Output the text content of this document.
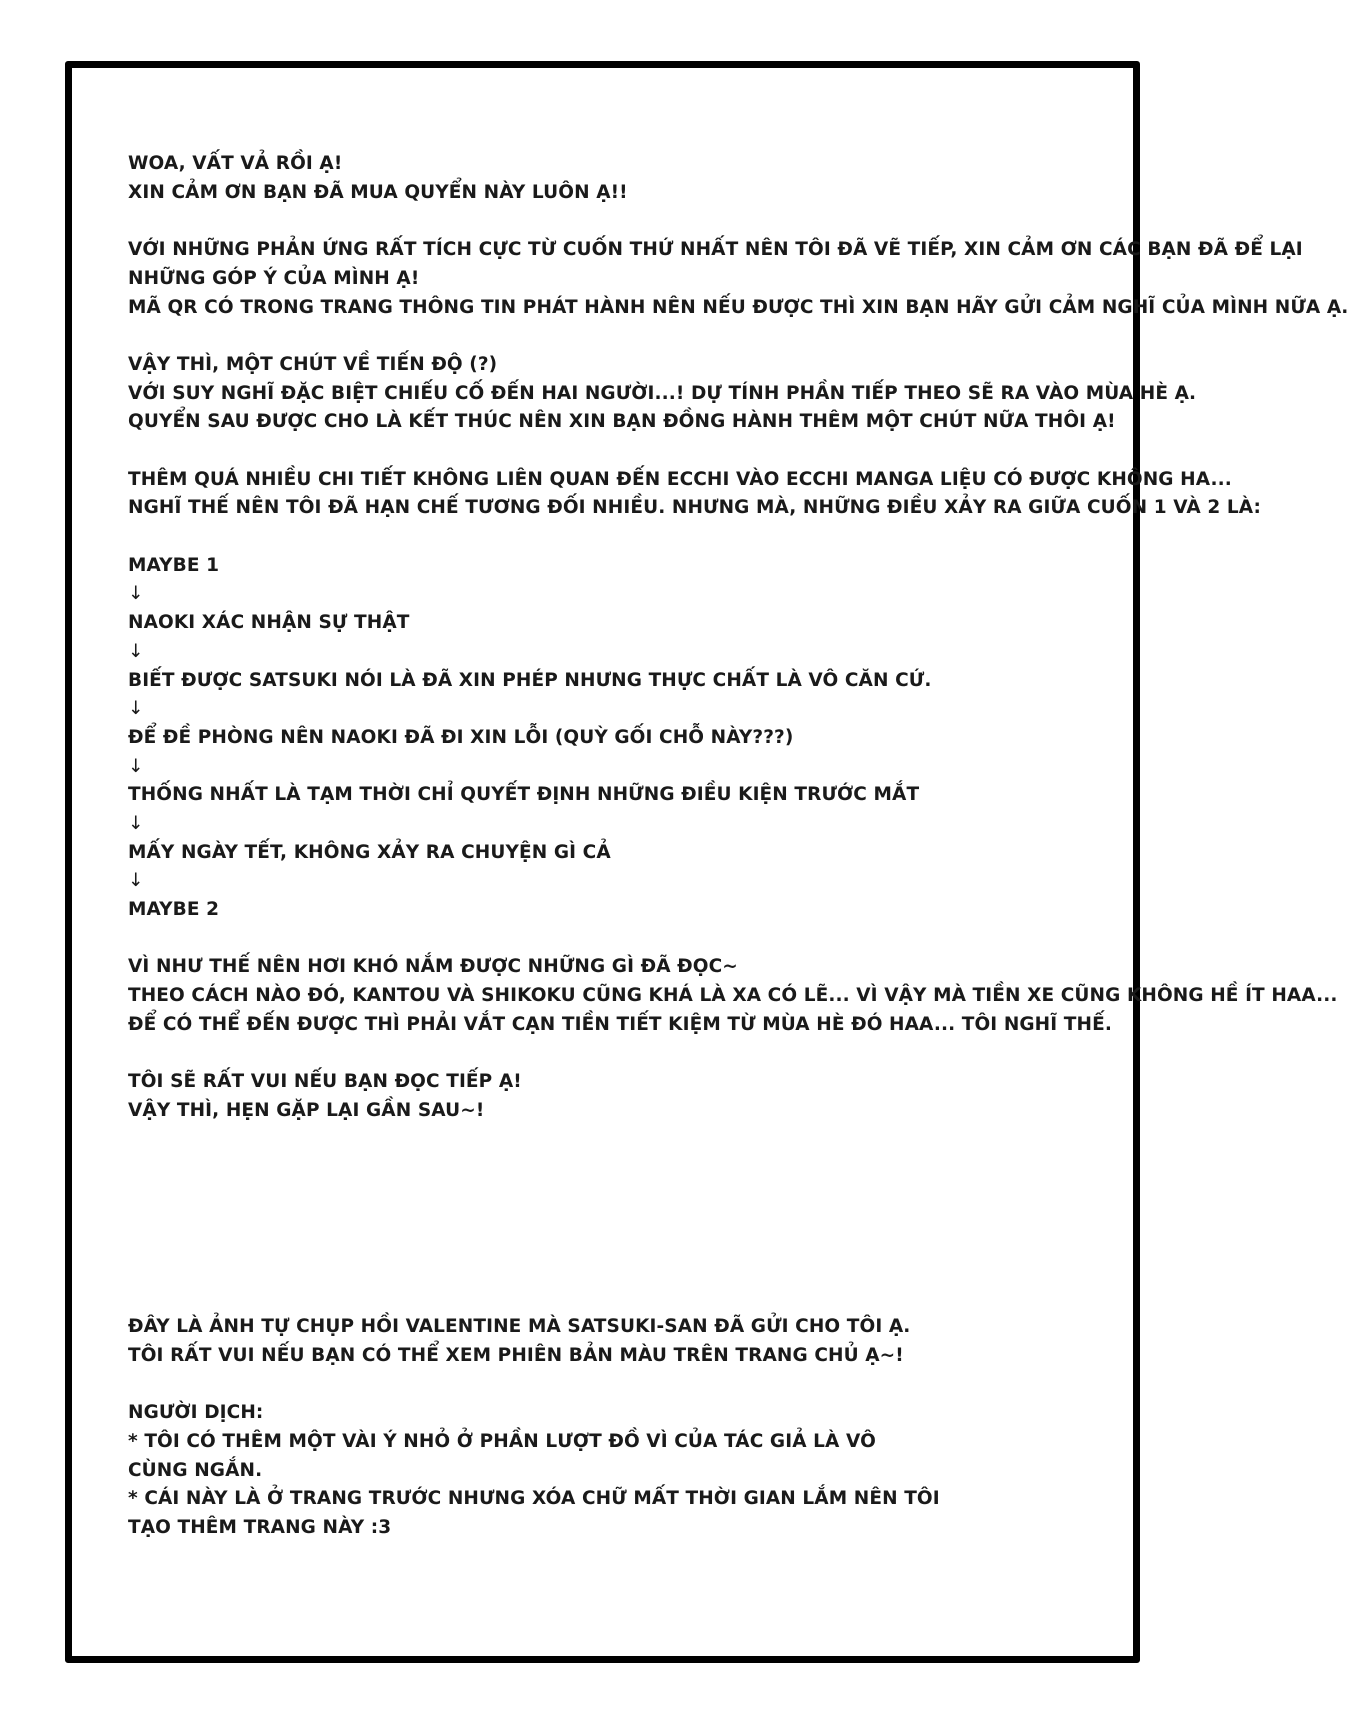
WOA, VẤT VẢ RỒI Ạ!
XIN CẢM ƠN BẠN ĐÃ MUA QUYỂN NÀY LUÔN Ạ!!
VỚI NHỮNG PHẢN ỨNG RẤT TÍCH CỰC TỪ CUỐN THỨ NHẤT NÊN TÔI ĐÃ VẼ TIẾP, XIN CẢM ƠN CÁC BẠN ĐÃ ĐỂ LẠI
NHỮNG GÓP Ý CỦA MÌNH Ạ!
MÃ QR CÓ TRONG TRANG THÔNG TIN PHÁT HÀNH NÊN NẾU ĐƯỢC THÌ XIN BẠN HÃY GỬI CẢM NGHĨ CỦA MÌNH NỮA Ạ.
VẬY THÌ, MỘT CHÚT VỀ TIẾN ĐỘ (?)
VỚI SUY NGHĨ ĐẶC BIỆT CHIẾU CỐ ĐẾN HAI NGƯỜI...! DỰ TÍNH PHẦN TIẾP THEO SẼ RA VÀO MÙA HÈ Ạ.
QUYỂN SAU ĐƯỢC CHO LÀ KẾT THÚC NÊN XIN BẠN ĐỒNG HÀNH THÊM MỘT CHÚT NỮA THÔI Ạ!
THÊM QUÁ NHIỀU CHI TIẾT KHÔNG LIÊN QUAN ĐẾN ECCHI VÀO ECCHI MANGA LIỆU CÓ ĐƯỢC KHÔNG HA...
NGHĨ THẾ NÊN TÔI ĐÃ HẠN CHẾ TƯƠNG ĐỐI NHIỀU. NHƯNG MÀ, NHỮNG ĐIỀU XẢY RA GIỮA CUỐN 1 VÀ 2 LÀ:
MAYBE 1
↓
NAOKI XÁC NHẬN SỰ THẬT
↓
BIẾT ĐƯỢC SATSUKI NÓI LÀ ĐÃ XIN PHÉP NHƯNG THỰC CHẤT LÀ VÔ CĂN CỨ.
↓
ĐỂ ĐỀ PHÒNG NÊN NAOKI ĐÃ ĐI XIN LỖI (QUỲ GỐI CHỖ NÀY???)
↓
THỐNG NHẤT LÀ TẠM THỜI CHỈ QUYẾT ĐỊNH NHỮNG ĐIỀU KIỆN TRƯỚC MẮT
↓
MẤY NGÀY TẾT, KHÔNG XẢY RA CHUYỆN GÌ CẢ
↓
MAYBE 2
VÌ NHƯ THẾ NÊN HƠI KHÓ NẮM ĐƯỢC NHỮNG GÌ ĐÃ ĐỌC~
THEO CÁCH NÀO ĐÓ, KANTOU VÀ SHIKOKU CŨNG KHÁ LÀ XA CÓ LẼ... VÌ VẬY MÀ TIỀN XE CŨNG KHÔNG HỀ ÍT HAA...
ĐỂ CÓ THỂ ĐẾN ĐƯỢC THÌ PHẢI VẮT CẠN TIỀN TIẾT KIỆM TỪ MÙA HÈ ĐÓ HAA... TÔI NGHĨ THẾ.
TÔI SẼ RẤT VUI NẾU BẠN ĐỌC TIẾP Ạ!
VẬY THÌ, HẸN GẶP LẠI GẦN SAU~!
ĐÂY LÀ ẢNH TỰ CHỤP HỒI VALENTINE MÀ SATSUKI-SAN ĐÃ GỬI CHO TÔI Ạ.
TÔI RẤT VUI NẾU BẠN CÓ THỂ XEM PHIÊN BẢN MÀU TRÊN TRANG CHỦ Ạ~!
NGƯỜI DỊCH:
* TÔI CÓ THÊM MỘT VÀI Ý NHỎ Ở PHẦN LƯỢT ĐỒ VÌ CỦA TÁC GIẢ LÀ VÔ
CÙNG NGẮN.
* CÁI NÀY LÀ Ở TRANG TRƯỚC NHƯNG XÓA CHỮ MẤT THỜI GIAN LẮM NÊN TÔI
TẠO THÊM TRANG NÀY :3
